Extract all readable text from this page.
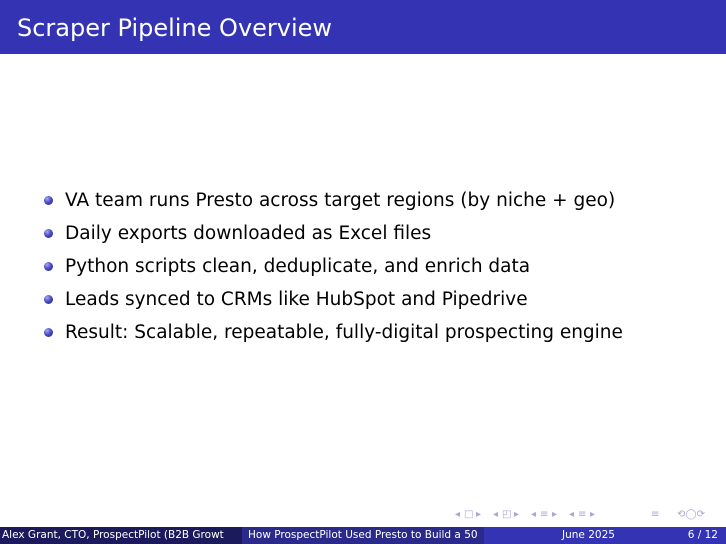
Scraper Pipeline Overview
VA team runs Presto across target regions (by niche + geo)
Daily exports downloaded as Excel files
Python scripts clean, deduplicate, and enrich data
Leads synced to CRMs like HubSpot and Pipedrive
Result: Scalable, repeatable, fully-digital prospecting engine
◂ □ ▸ ◂ ◰ ▸ ◂ ≡ ▸ ◂ ≡ ▸	≡ ⟲◯⟳
Alex Grant, CTO, ProspectPilot (B2B Growt How ProspectPilot Used Presto to Build a 50	June 2025	6 / 12
